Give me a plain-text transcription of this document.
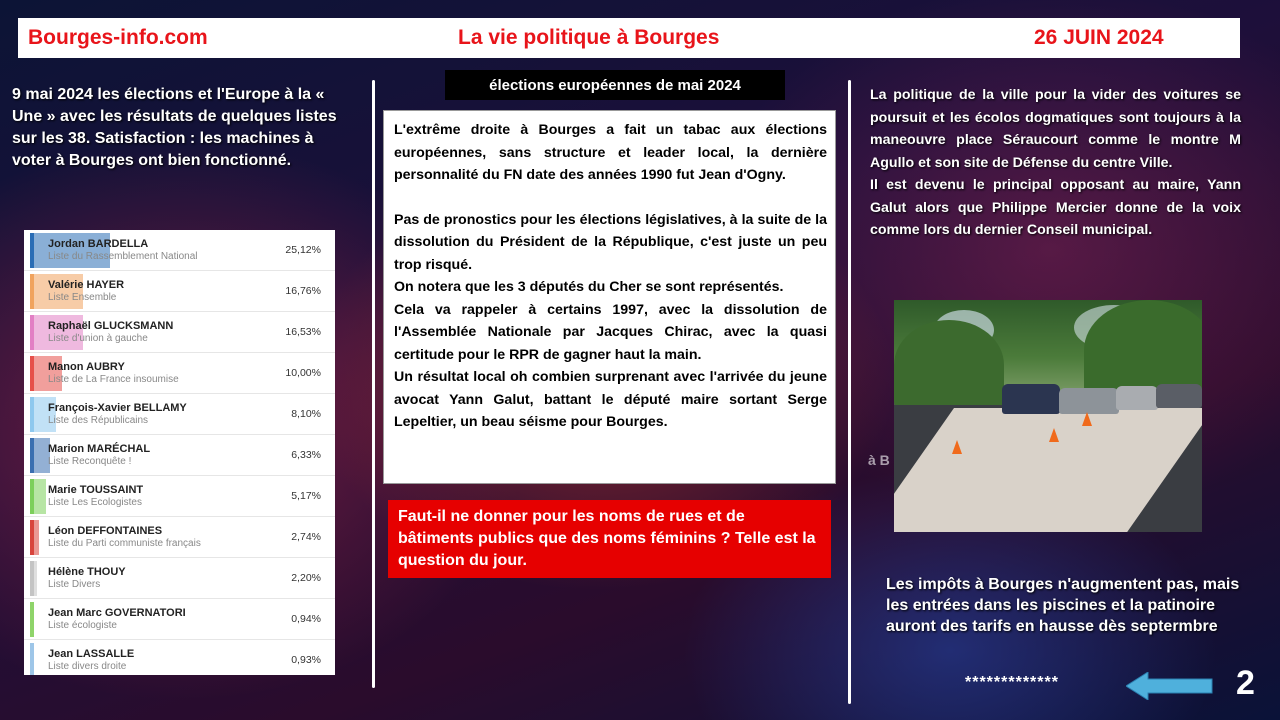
Bourges-info.com	La vie politique à Bourges	26 JUIN 2024
9 mai 2024 les élections et l'Europe à la « Une » avec les résultats de quelques listes sur les 38. Satisfaction : les machines à voter à Bourges ont bien fonctionné.
Jordan BARDELLA
Liste du Rassemblement National	25,12%
Valérie HAYER
Liste Ensemble	16,76%
Raphaël GLUCKSMANN
Liste d'union à gauche	16,53%
Manon AUBRY
Liste de La France insoumise	10,00%
François-Xavier BELLAMY
Liste des Républicains	8,10%
Marion MARÉCHAL
Liste Reconquête !	6,33%
Marie TOUSSAINT
Liste Les Ecologistes	5,17%
Léon DEFFONTAINES
Liste du Parti communiste français	2,74%
Hélène THOUY
Liste Divers	2,20%
Jean Marc GOVERNATORI
Liste écologiste	0,94%
Jean LASSALLE
Liste divers droite	0,93%
élections européennes de mai 2024

L'extrême droite à Bourges a fait un tabac aux élections européennes, sans structure et leader local, la dernière personnalité du FN date des années 1990 fut Jean d'Ogny.

Pas de pronostics pour les élections législatives, à la suite de la dissolution du Président de la République, c'est juste un peu trop risqué.

On notera que les 3 députés du Cher se sont représentés.

Cela va rappeler à certains 1997, avec la dissolution de l'Assemblée Nationale par Jacques Chirac, avec la quasi certitude pour le RPR de gagner haut la main.

Un résultat local oh combien surprenant avec l'arrivée du jeune avocat Yann Galut, battant le député maire sortant Serge Lepeltier, un beau séisme pour Bourges.

Faut-il ne donner pour les noms de rues et de bâtiments publics que des noms féminins ? Telle est la question du jour.

La politique de la ville pour la vider des voitures se poursuit et les écolos dogmatiques sont toujours à la maneouvre place Séraucourt comme le montre M Agullo et son site de Défense du centre Ville.

Il est devenu le principal opposant au maire, Yann Galut alors que Philippe Mercier donne de la voix comme lors du dernier Conseil municipal.

à B
Les impôts à Bourges n'augmentent pas, mais les entrées dans les piscines et la patinoire auront des tarifs en hausse dès septermbre
*************	2
